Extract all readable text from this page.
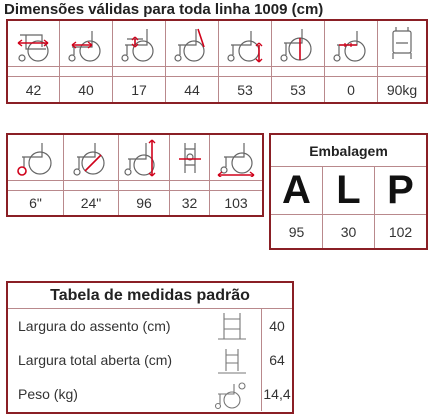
Dimensões válidas para toda linha 1009 (cm)
42	40	17	44	53	53	0	90kg
6"	24"	96	32	103
Embalagem
A L P
95	30	102
Tabela de medidas padrão
Largura do assento (cm)	40
Largura total aberta (cm)	64
Peso (kg)	14,4
